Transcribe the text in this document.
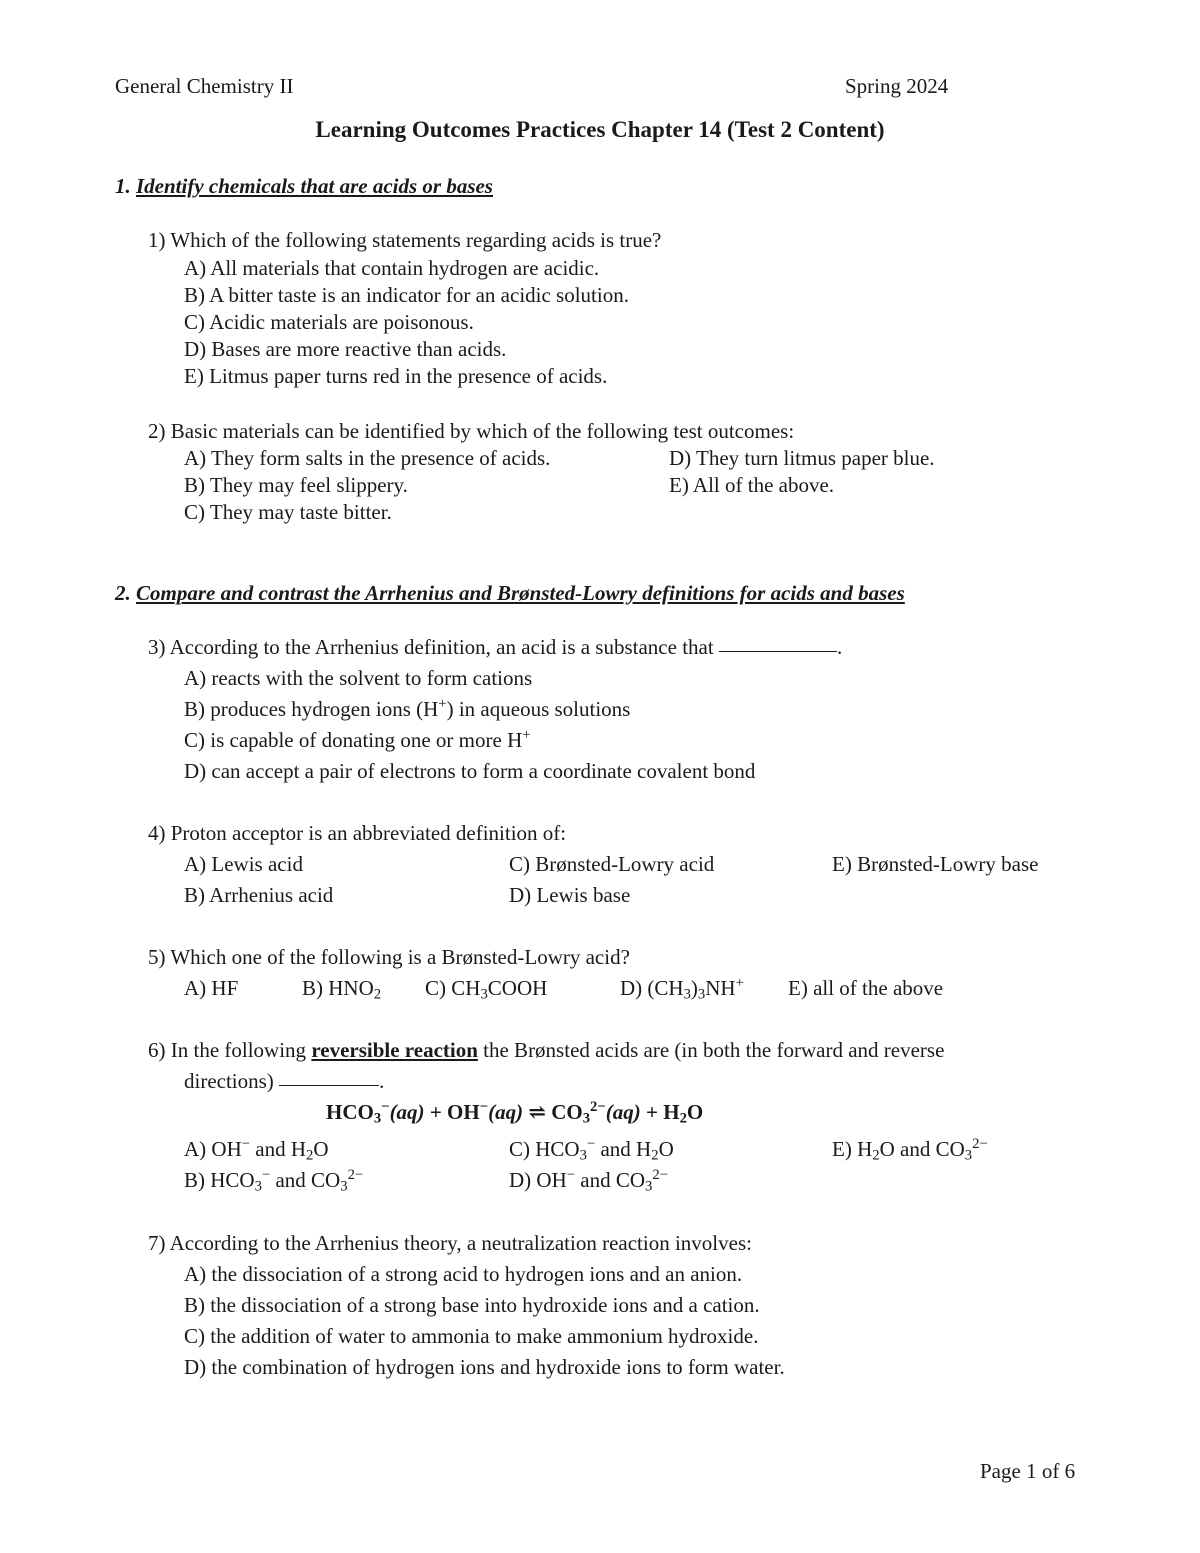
General Chemistry II	Spring 2024
Learning Outcomes Practices Chapter 14 (Test 2 Content)
1. Identify chemicals that are acids or bases
1) Which of the following statements regarding acids is true?
A) All materials that contain hydrogen are acidic.
B) A bitter taste is an indicator for an acidic solution.
C) Acidic materials are poisonous.
D) Bases are more reactive than acids.
E) Litmus paper turns red in the presence of acids.
2) Basic materials can be identified by which of the following test outcomes:
A) They form salts in the presence of acids.
B) They may feel slippery.
C) They may taste bitter.
D) They turn litmus paper blue.
E) All of the above.
2. Compare and contrast the Arrhenius and Brønsted-Lowry definitions for acids and bases
3) According to the Arrhenius definition, an acid is a substance that	.
A) reacts with the solvent to form cations
B) produces hydrogen ions (H+) in aqueous solutions
C) is capable of donating one or more H+
D) can accept a pair of electrons to form a coordinate covalent bond
4) Proton acceptor is an abbreviated definition of:
A) Lewis acid
B) Arrhenius acid
C) Brønsted-Lowry acid
D) Lewis base
E) Brønsted-Lowry base
5) Which one of the following is a Brønsted-Lowry acid?
A) HF	B) $HNO_2$ C) $CH_3COOH$	D) $(CH_3)_3NH^+$ E) all of the above
6) In the following reversible reaction the Brønsted acids are (in both the forward and reverse
directions)	.
$HCO_3^-(aq) + OH^-(aq)$ ⇌ $CO_3^{2-}(aq) + H_2O$
A) OH− and $H_2O$
B) $HCO_3^-$ and $CO_3^{2-}$
C) $HCO_3^-$ and $H_2O$
D) OH− and $CO_3^{2-}$
E) $H_2O$ and $CO_3^{2-}$
7) According to the Arrhenius theory, a neutralization reaction involves:
A) the dissociation of a strong acid to hydrogen ions and an anion.
B) the dissociation of a strong base into hydroxide ions and a cation.
C) the addition of water to ammonia to make ammonium hydroxide.
D) the combination of hydrogen ions and hydroxide ions to form water.
Page 1 of 6
